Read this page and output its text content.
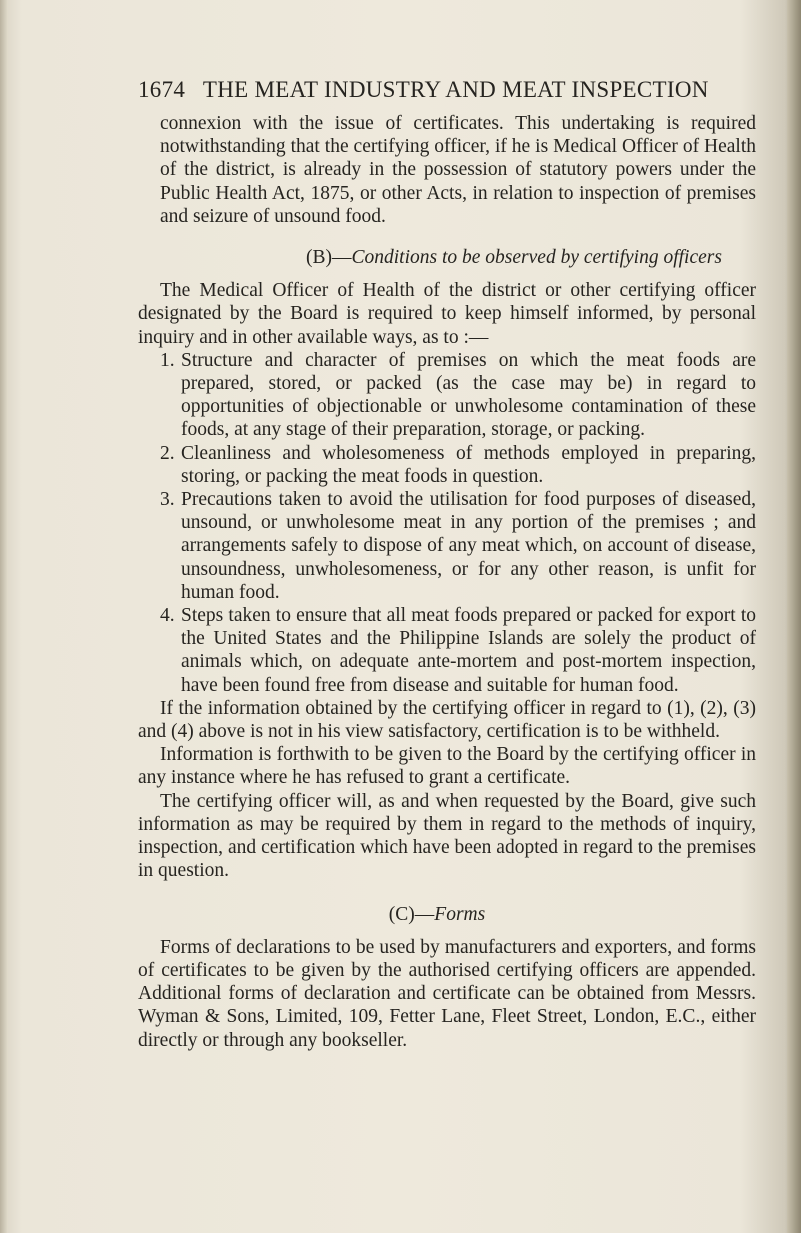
1674 THE MEAT INDUSTRY AND MEAT INSPECTION

connexion with the issue of certificates. This undertaking is required notwithstanding that the certifying officer, if he is Medical Officer of Health of the district, is already in the possession of statutory powers under the Public Health Act, 1875, or other Acts, in relation to inspection of premises and seizure of unsound food.

(B)—Conditions to be observed by certifying officers

The Medical Officer of Health of the district or other certifying officer designated by the Board is required to keep himself informed, by personal inquiry and in other available ways, as to :—

1. Structure and character of premises on which the meat foods are prepared, stored, or packed (as the case may be) in regard to opportunities of objectionable or unwholesome contamination of these foods, at any stage of their preparation, storage, or packing.
2. Cleanliness and wholesomeness of methods employed in preparing, storing, or packing the meat foods in question.
3. Precautions taken to avoid the utilisation for food purposes of diseased, unsound, or unwholesome meat in any portion of the premises ; and arrangements safely to dispose of any meat which, on account of disease, unsoundness, unwholesomeness, or for any other reason, is unfit for human food.
4. Steps taken to ensure that all meat foods prepared or packed for export to the United States and the Philippine Islands are solely the product of animals which, on adequate ante-mortem and post-mortem inspection, have been found free from disease and suitable for human food.

If the information obtained by the certifying officer in regard to (1), (2), (3) and (4) above is not in his view satisfactory, certification is to be withheld.

Information is forthwith to be given to the Board by the certifying officer in any instance where he has refused to grant a certificate.

The certifying officer will, as and when requested by the Board, give such information as may be required by them in regard to the methods of inquiry, inspection, and certification which have been adopted in regard to the premises in question.

(C)—Forms

Forms of declarations to be used by manufacturers and exporters, and forms of certificates to be given by the authorised certifying officers are appended. Additional forms of declaration and certificate can be obtained from Messrs. Wyman & Sons, Limited, 109, Fetter Lane, Fleet Street, London, E.C., either directly or through any bookseller.
